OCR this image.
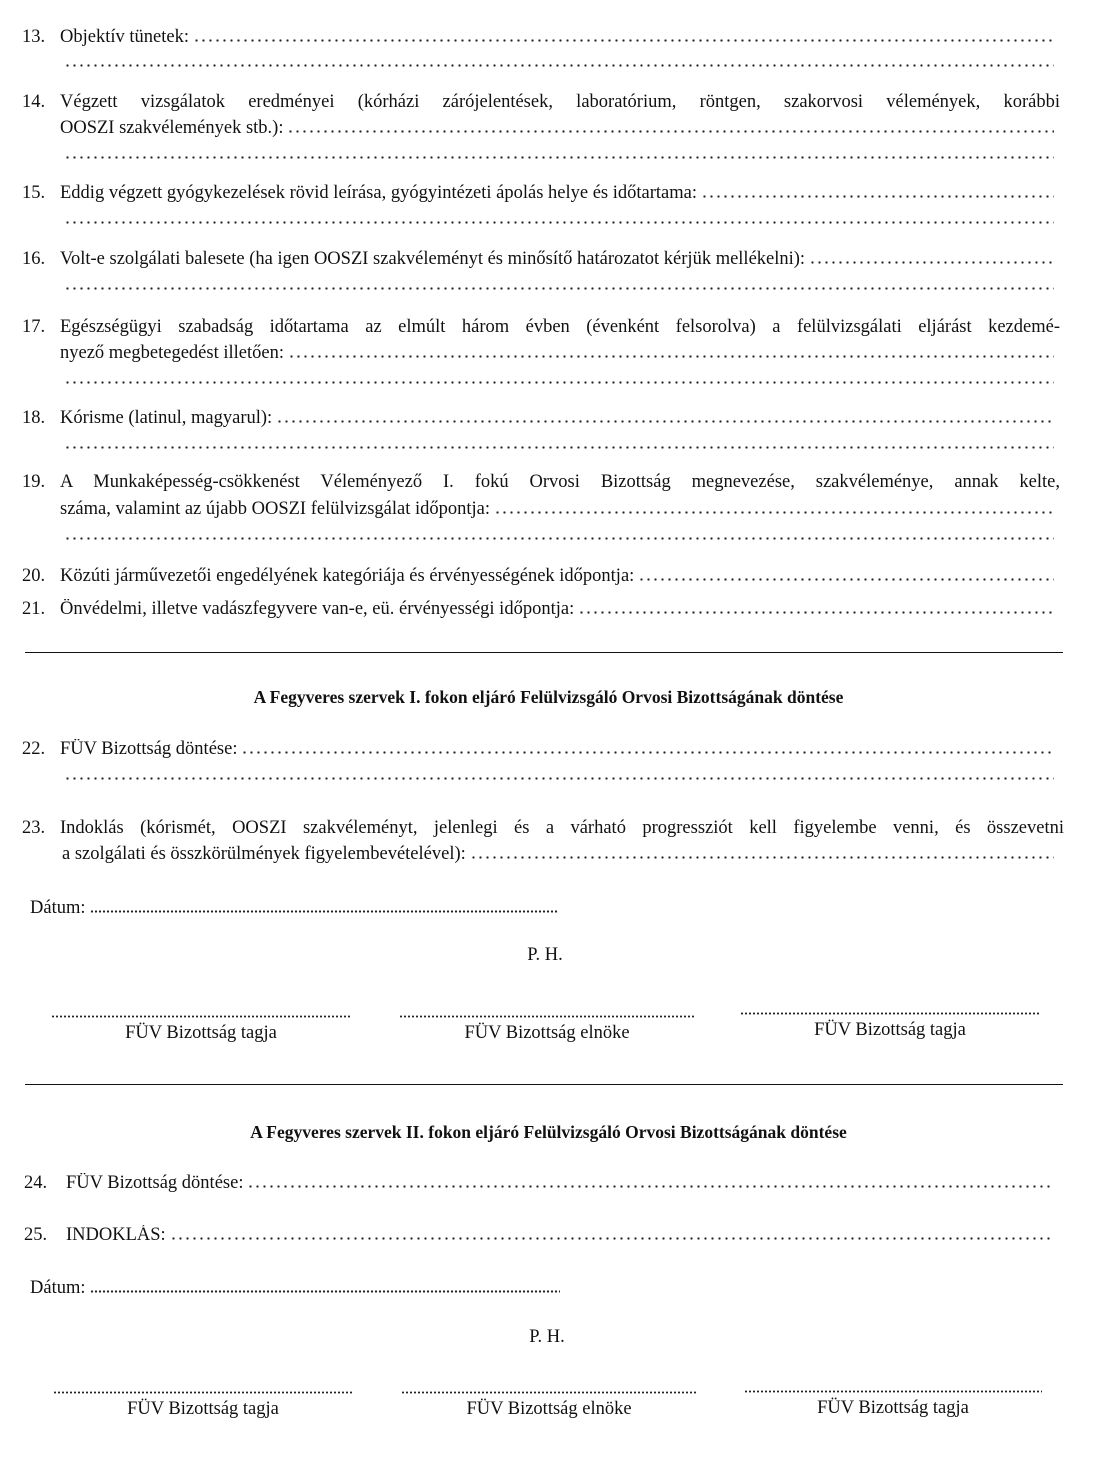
13. Objektív tünetek:
14. Végzett vizsgálatok eredményei (kórházi zárójelentések, laboratórium, röntgen, szakorvosi vélemények, korábbi
OOSZI szakvélemények stb.):
15. Eddig végzett gyógykezelések rövid leírása, gyógyintézeti ápolás helye és időtartama:
16. Volt-e szolgálati balesete (ha igen OOSZI szakvéleményt és minősítő határozatot kérjük mellékelni):
17. Egészségügyi szabadság időtartama az elmúlt három évben (évenként felsorolva) a felülvizsgálati eljárást kezdemé-
nyező megbetegedést illetően:
18. Kórisme (latinul, magyarul):
19. A Munkaképesség-csökkenést Véleményező I. fokú Orvosi Bizottság megnevezése, szakvéleménye, annak kelte,
száma, valamint az újabb OOSZI felülvizsgálat időpontja:
20. Közúti járművezetői engedélyének kategóriája és érvényességének időpontja:
21. Önvédelmi, illetve vadászfegyvere van-e, eü. érvényességi időpontja:
A Fegyveres szervek I. fokon eljáró Felülvizsgáló Orvosi Bizottságának döntése
22. FÜV Bizottság döntése:
23. Indoklás (kórismét, OOSZI szakvéleményt, jelenlegi és a várható progressziót kell figyelembe venni, és összevetni
a szolgálati és összkörülmények figyelembevételével):
Dátum:
P. H.
FÜV Bizottság tagja	FÜV Bizottság elnöke	FÜV Bizottság tagja
A Fegyveres szervek II. fokon eljáró Felülvizsgáló Orvosi Bizottságának döntése
24.	FÜV Bizottság döntése:
25.	INDOKLÁS:
Dátum:
P. H.
FÜV Bizottság tagja	FÜV Bizottság elnöke	FÜV Bizottság tagja
